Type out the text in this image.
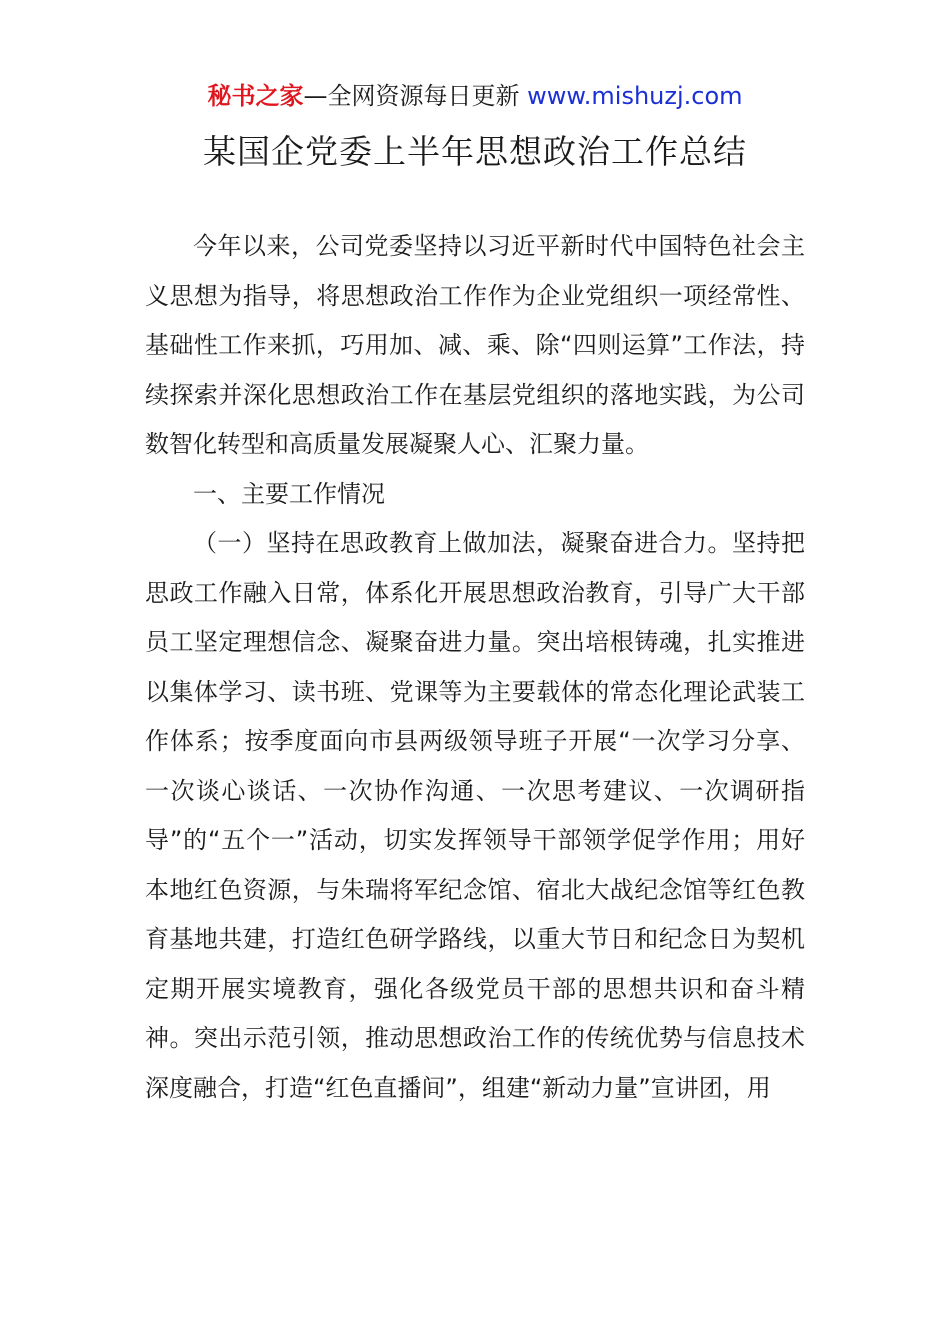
秘书之家—全网资源每日更新 www.mishuzj.com
某国企党委上半年思想政治工作总结

今年以来，公司党委坚持以习近平新时代中国特色社会主义思想为指导，将思想政治工作作为企业党组织一项经常性、基础性工作来抓，巧用加、减、乘、除“四则运算”工作法，持续探索并深化思想政治工作在基层党组织的落地实践，为公司数智化转型和高质量发展凝聚人心、汇聚力量。

一、主要工作情况

（一）坚持在思政教育上做加法，凝聚奋进合力。坚持把思政工作融入日常，体系化开展思想政治教育，引导广大干部员工坚定理想信念、凝聚奋进力量。突出培根铸魂，扎实推进以集体学习、读书班、党课等为主要载体的常态化理论武装工作体系；按季度面向市县两级领导班子开展“一次学习分享、一次谈心谈话、一次协作沟通、一次思考建议、一次调研指导”的“五个一”活动，切实发挥领导干部领学促学作用；用好本地红色资源，与朱瑞将军纪念馆、宿北大战纪念馆等红色教育基地共建，打造红色研学路线，以重大节日和纪念日为契机定期开展实境教育，强化各级党员干部的思想共识和奋斗精神。突出示范引领，推动思想政治工作的传统优势与信息技术深度融合，打造“红色直播间”，组建“新动力量”宣讲团，用
